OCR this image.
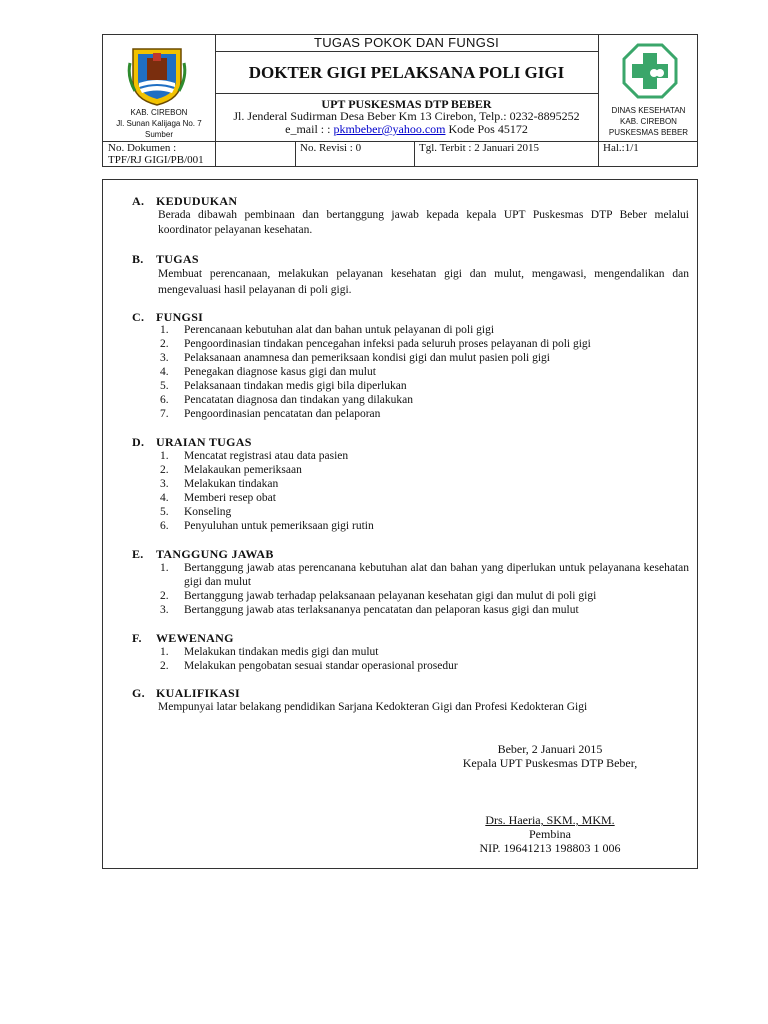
KAB. CIREBON
Jl. Sunan Kalijaga No. 7
Sumber
TUGAS POKOK DAN FUNGSI
DOKTER GIGI PELAKSANA POLI GIGI
UPT PUSKESMAS DTP BEBER
Jl. Jenderal Sudirman Desa Beber Km 13 Cirebon, Telp.: 0232-8895252
e_mail : : pkmbeber@yahoo.com Kode Pos 45172
DINAS KESEHATAN
KAB. CIREBON
PUSKESMAS BEBER
No. Dokumen :
TPF/RJ GIGI/PB/001
No. Revisi : 0	Tgl. Terbit : 2 Januari 2015	Hal.:1/1
A. KEDUDUKAN
Berada dibawah pembinaan dan bertanggung jawab kepada kepala UPT Puskesmas DTP Beber melalui koordinator pelayanan kesehatan.
B. TUGAS
Membuat perencanaan, melakukan pelayanan kesehatan gigi dan mulut, mengawasi, mengendalikan dan mengevaluasi hasil pelayanan di poli gigi.
C. FUNGSI
1. Perencanaan kebutuhan alat dan bahan untuk pelayanan di poli gigi
2. Pengoordinasian tindakan pencegahan infeksi pada seluruh proses pelayanan di poli gigi
3. Pelaksanaan anamnesa dan pemeriksaan kondisi gigi dan mulut pasien poli gigi
4. Penegakan diagnose kasus gigi dan mulut
5. Pelaksanaan tindakan medis gigi bila diperlukan
6. Pencatatan diagnosa dan tindakan yang dilakukan
7. Pengoordinasian pencatatan dan pelaporan
D. URAIAN TUGAS
1. Mencatat registrasi atau data pasien
2. Melakaukan pemeriksaan
3. Melakukan tindakan
4. Memberi resep obat
5. Konseling
6. Penyuluhan untuk pemeriksaan gigi rutin
E. TANGGUNG JAWAB
1. Bertanggung jawab atas perencanana kebutuhan alat dan bahan yang diperlukan untuk pelayanana kesehatan gigi dan mulut
2. Bertanggung jawab terhadap pelaksanaan pelayanan kesehatan gigi dan mulut di poli gigi
3. Bertanggung jawab atas terlaksananya pencatatan dan pelaporan kasus gigi dan mulut
F. WEWENANG
1. Melakukan tindakan medis gigi dan mulut
2. Melakukan pengobatan sesuai standar operasional prosedur
G. KUALIFIKASI
Mempunyai latar belakang pendidikan Sarjana Kedokteran Gigi dan Profesi Kedokteran Gigi
Beber, 2 Januari 2015
Kepala UPT Puskesmas DTP Beber,
Drs. Haeria, SKM., MKM.
Pembina
NIP. 19641213 198803 1 006
